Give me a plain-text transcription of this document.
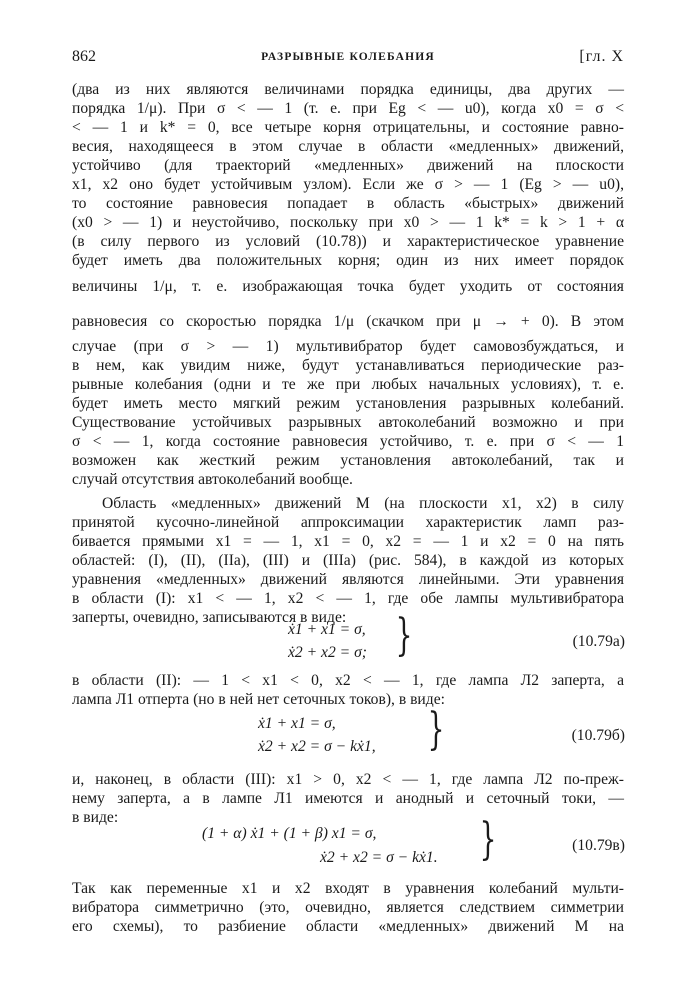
862	РАЗРЫВНЫЕ КОЛЕБАНИЯ	[гл. X
(два из них являются величинами порядка единицы, два других —
порядка 1/μ). При σ < — 1 (т. е. при Eg < — u0), когда x0 = σ <
< — 1 и k* = 0, все четыре корня отрицательны, и состояние равно-
весия, находящееся в этом случае в области «медленных» движений,
устойчиво (для траекторий «медленных» движений на плоскости
x1, x2 оно будет устойчивым узлом). Если же σ > — 1 (Eg > — u0),
то состояние равновесия попадает в область «быстрых» движений
(x0 > — 1) и неустойчиво, поскольку при x0 > — 1 k* = k > 1 + α
(в силу первого из условий (10.78)) и характеристическое уравнение
будет иметь два положительных корня; один из них имеет порядок
величины 1/μ, т. е. изображающая точка будет уходить от состояния
равновесия со скоростью порядка 1/μ (скачком при μ → + 0). В этом
случае (при σ > — 1) мультивибратор будет самовозбуждаться, и
в нем, как увидим ниже, будут устанавливаться периодические раз-
рывные колебания (одни и те же при любых начальных условиях), т. е.
будет иметь место мягкий режим установления разрывных колебаний.
Существование устойчивых разрывных автоколебаний возможно и при
σ < — 1, когда состояние равновесия устойчиво, т. е. при σ < — 1
возможен как жесткий режим установления автоколебаний, так и
случай отсутствия автоколебаний вообще.
Область «медленных» движений M (на плоскости x1, x2) в силу
принятой кусочно-линейной аппроксимации характеристик ламп раз-
бивается прямыми x1 = — 1, x1 = 0, x2 = — 1 и x2 = 0 на пять
областей: (I), (II), (IIa), (III) и (IIIa) (рис. 584), в каждой из которых
уравнения «медленных» движений являются линейными. Эти уравнения
в области (I): x1 < — 1, x2 < — 1, где обе лампы мультивибратора
заперты, очевидно, записываются в виде:
ẋ1 + x1 = σ,
ẋ2 + x2 = σ; }	(10.79а)
в области (II): — 1 < x1 < 0, x2 < — 1, где лампа Л2 заперта, а
лампа Л1 отперта (но в ней нет сеточных токов), в виде:
ẋ1 + x1 = σ,
ẋ2 + x2 = σ − kẋ1, }	(10.79б)
и, наконец, в области (III): x1 > 0, x2 < — 1, где лампа Л2 по-преж-
нему заперта, а в лампе Л1 имеются и анодный и сеточный токи, —
в виде:
(1 + α) ẋ1 + (1 + β) x1 = σ,
ẋ2 + x2 = σ − kẋ1. }	(10.79в)
Так как переменные x1 и x2 входят в уравнения колебаний мульти-
вибратора симметрично (это, очевидно, является следствием симметрии
его схемы), то разбиение области «медленных» движений M на
